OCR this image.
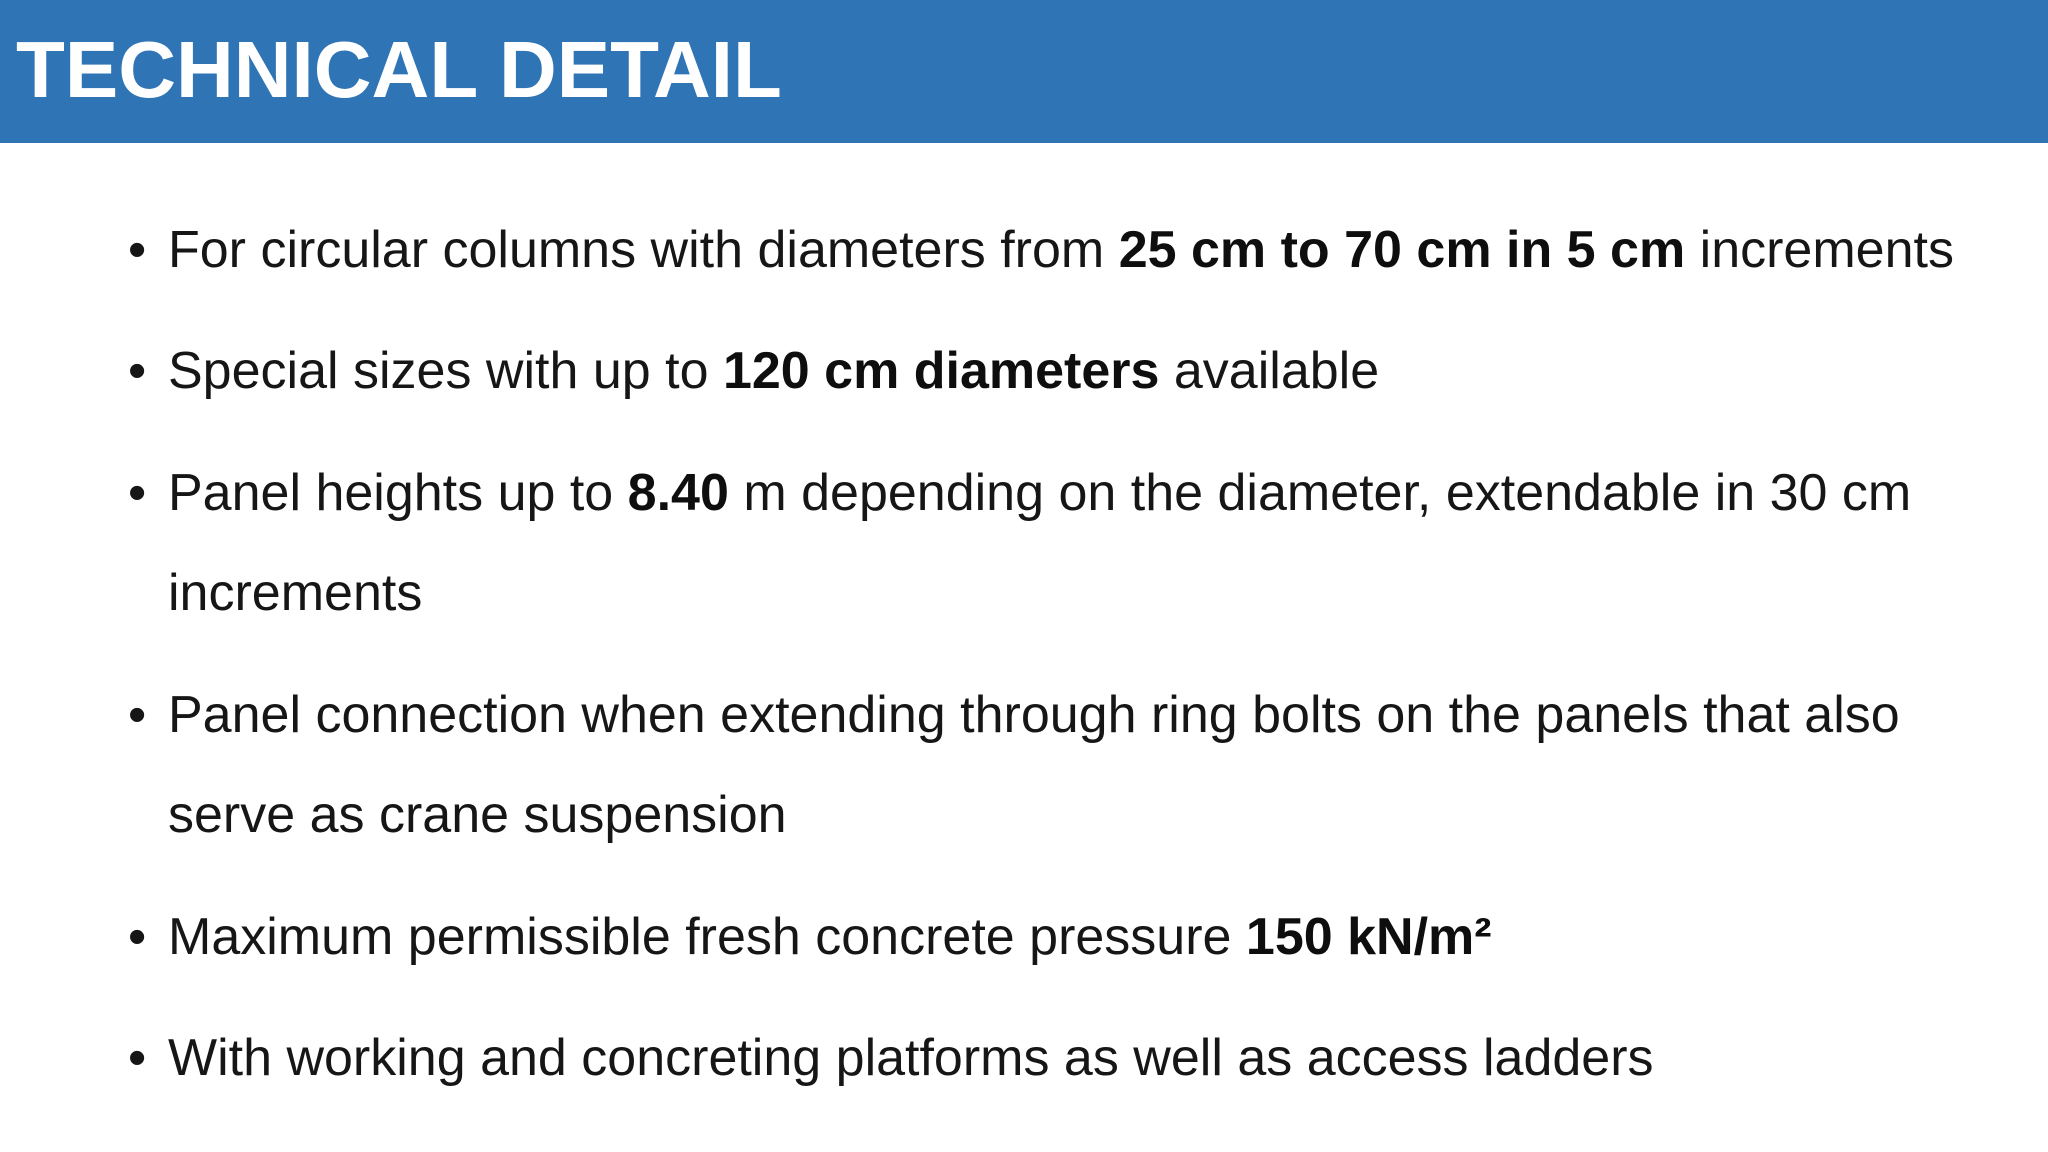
TECHNICAL DETAIL
• For circular columns with diameters from 25 cm to 70 cm in 5 cm increments
• Special sizes with up to 120 cm diameters available
• Panel heights up to 8.40 m depending on the diameter, extendable in 30 cm increments
• Panel connection when extending through ring bolts on the panels that also serve as crane suspension
• Maximum permissible fresh concrete pressure 150 kN/m²
• With working and concreting platforms as well as access ladders
